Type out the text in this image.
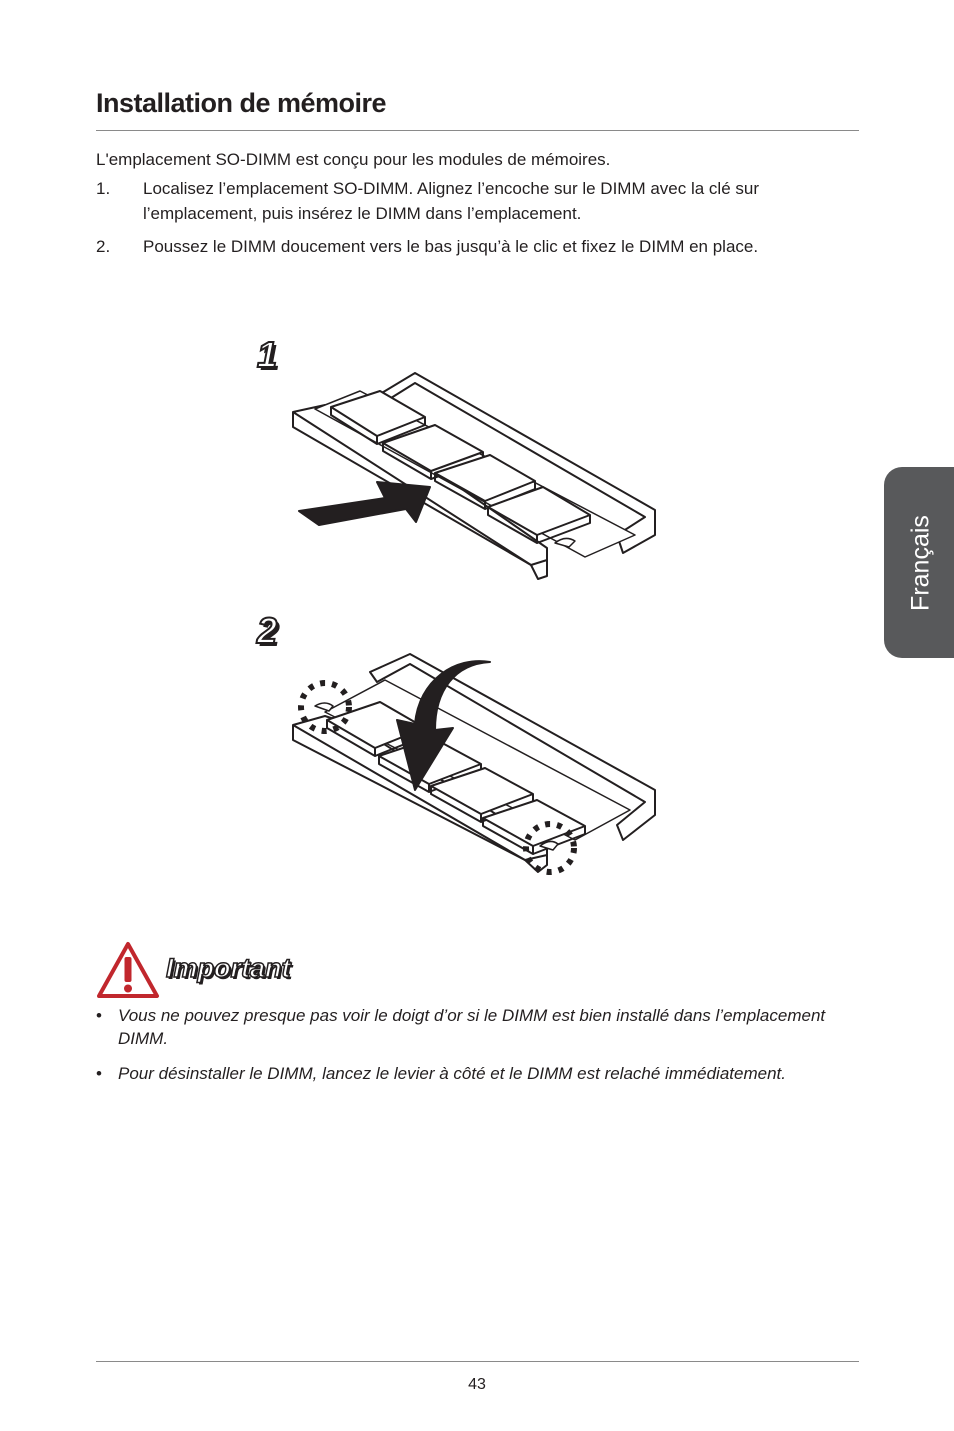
Installation de mémoire
L'emplacement SO-DIMM est conçu pour les modules de mémoires.
1. Localisez l’emplacement SO-DIMM. Alignez l’encoche sur le DIMM avec la clé sur l’emplacement, puis insérez le DIMM dans l’emplacement.
2. Poussez le DIMM doucement vers le bas jusqu’à le clic et fixez le DIMM en place.
Français
1
2
Important
• Vous ne pouvez presque pas voir le doigt d’or si le DIMM est bien installé dans l’emplacement DIMM.
• Pour désinstaller le DIMM, lancez le levier à côté et le DIMM est relaché immédiatement.
43
